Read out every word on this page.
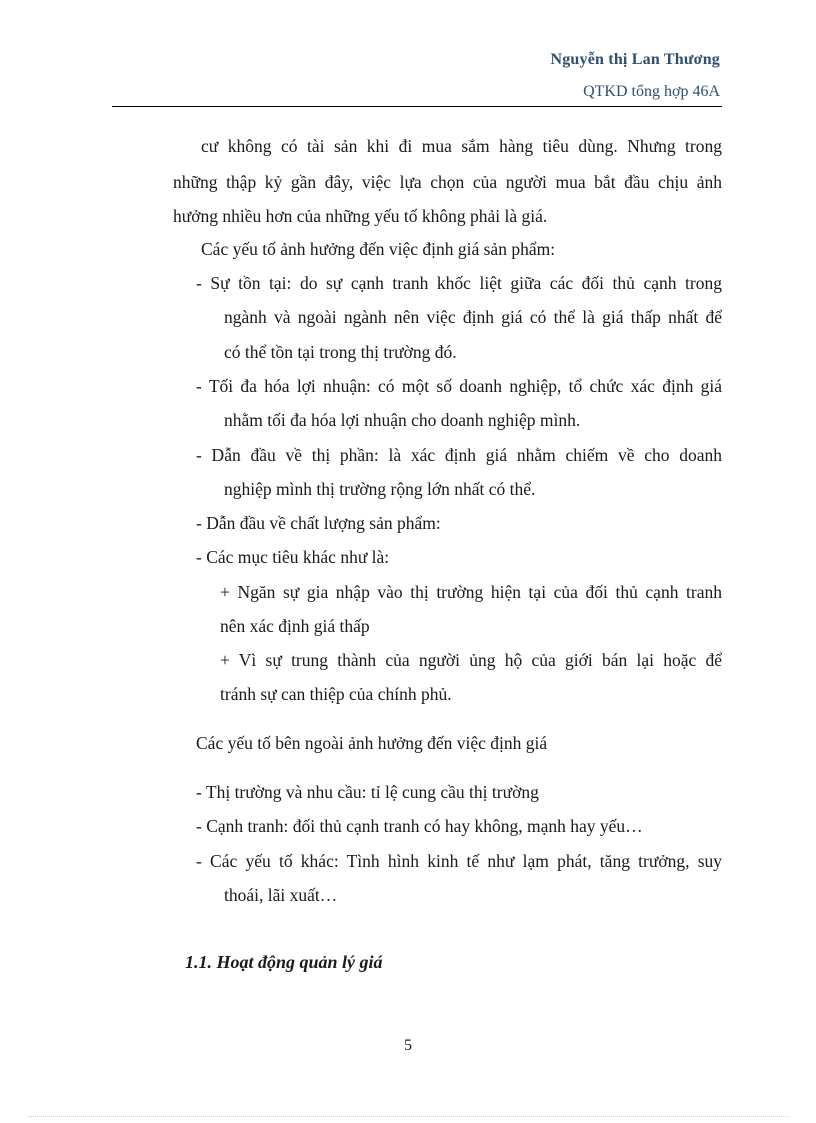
Nguyễn thị Lan Thương
QTKD tổng hợp 46A
cư không có tài sản khi đi mua sắm hàng tiêu dùng. Nhưng trong
những thập kỷ gần đây, việc lựa chọn của người mua bắt đầu chịu ảnh
hưởng nhiều hơn của những yếu tố không phải là giá.
Các yếu tố ảnh hưởng đến việc định giá sản phẩm:
- Sự tồn tại: do sự cạnh tranh khốc liệt giữa các đối thủ cạnh trong
ngành và ngoài ngành nên việc định giá có thể là giá thấp nhất để
có thể tồn tại trong thị trường đó.
- Tối đa hóa lợi nhuận: có một số doanh nghiệp, tổ chức xác định giá
nhằm tối đa hóa lợi nhuận cho doanh nghiệp mình.
- Dẫn đầu về thị phần: là xác định giá nhằm chiếm về cho doanh
nghiệp mình thị trường rộng lớn nhất có thể.
- Dẫn đầu về chất lượng sản phẩm:
- Các mục tiêu khác như là:
+ Ngăn sự gia nhập vào thị trường hiện tại của đối thủ cạnh tranh
nên xác định giá thấp
+ Vì sự trung thành của người ủng hộ của giới bán lại hoặc để
tránh sự can thiệp của chính phủ.
Các yếu tố bên ngoài ảnh hưởng đến việc định giá
- Thị trường và nhu cầu: tỉ lệ cung cầu thị trường
- Cạnh tranh: đối thủ cạnh tranh có hay không, mạnh hay yếu…
- Các yếu tố khác: Tình hình kinh tế như lạm phát, tăng trưởng, suy
thoái, lãi xuất…
1.1. Hoạt động quản lý giá
5
